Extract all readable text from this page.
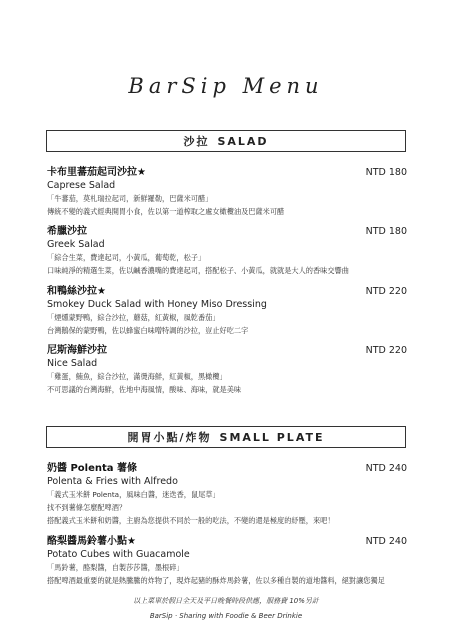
BarSip Menu
沙拉 SALAD
卡布里蕃茄起司沙拉★	NTD 180
Caprese Salad
「牛蕃茄，莫札瑞拉起司，新鮮羅勒，巴薩米可醋」
傳統不變的義式經典開胃小食，佐以第一道榨取之處女橄欖油及巴薩米可醋
希臘沙拉	NTD 180
Greek Salad
「綜合生菜，費達起司，小黃瓜，葡萄乾，松子」
口味純淨的精選生菜，佐以鹹香濃嘴的費達起司，搭配松子、小黃瓜，就就是大人的香味交響曲
和鴨絲沙拉★	NTD 220
Smokey Duck Salad with Honey Miso Dressing
「煙燻蒙野鴨，綜合沙拉，蘑菇，紅黃椒，風乾番茄」
台灣鵝保的蒙野鴨，佐以蜂蜜白味噌特調的沙拉，豈止好吃二字
尼斯海鮮沙拉	NTD 220
Nice Salad
「雞蛋，鮪魚，綜合沙拉，滿燙海鮮，紅黃椒，黑橄欖」
不可思議的台灣海鮮，佐地中海風情，酸味、海味，就是美味
開胃小點/炸物 SMALL PLATE
奶醬 Polenta 薯條	NTD 240
Polenta & Fries with Alfredo
「義式玉米餅 Polenta，風味白醬，迷迭香，鼠尾草」
找不到薯條怎麼配啤酒？
搭配義式玉米餅和奶醬，主廚為您提供不同於一般的吃法，不變的還是極度的紓壓，來吧！
酪梨醬馬鈴薯小點★	NTD 240
Potato Cubes with Guacamole
「馬鈴薯，酪梨醬，自製莎莎醬，墨根碎」
搭配啤酒最重要的就是熱騰騰的炸物了，現炸起豬的酥炸馬鈴薯，佐以多種自製的道地醬料，絕對讓您獨足
以上菜單於假日全天及平日晚餐時段供應，服務費 10%另計
BarSip · Sharing with Foodie & Beer Drinkie
